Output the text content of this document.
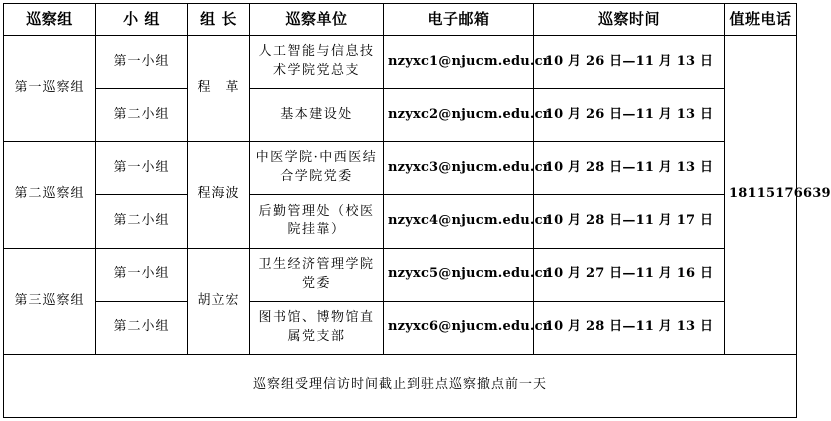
巡察组	小 组	组 长	巡察单位	电子邮箱	巡察时间	值班电话
第一巡察组	第一小组	程　革	人工智能与信息技术学院党总支	nzyxc1@njucm.edu.cn	10 月 26 日—11 月 13 日	18115176639
	第二小组		基本建设处	nzyxc2@njucm.edu.cn	10 月 26 日—11 月 13 日	
第二巡察组	第一小组	程海波	中医学院·中西医结合学院党委	nzyxc3@njucm.edu.cn	10 月 28 日—11 月 13 日	
	第二小组		后勤管理处（校医院挂靠）	nzyxc4@njucm.edu.cn	10 月 28 日—11 月 17 日	
第三巡察组	第一小组	胡立宏	卫生经济管理学院党委	nzyxc5@njucm.edu.cn	10 月 27 日—11 月 16 日	
	第二小组		图书馆、博物馆直属党支部	nzyxc6@njucm.edu.cn	10 月 28 日—11 月 13 日	
巡察组受理信访时间截止到驻点巡察撤点前一天						
